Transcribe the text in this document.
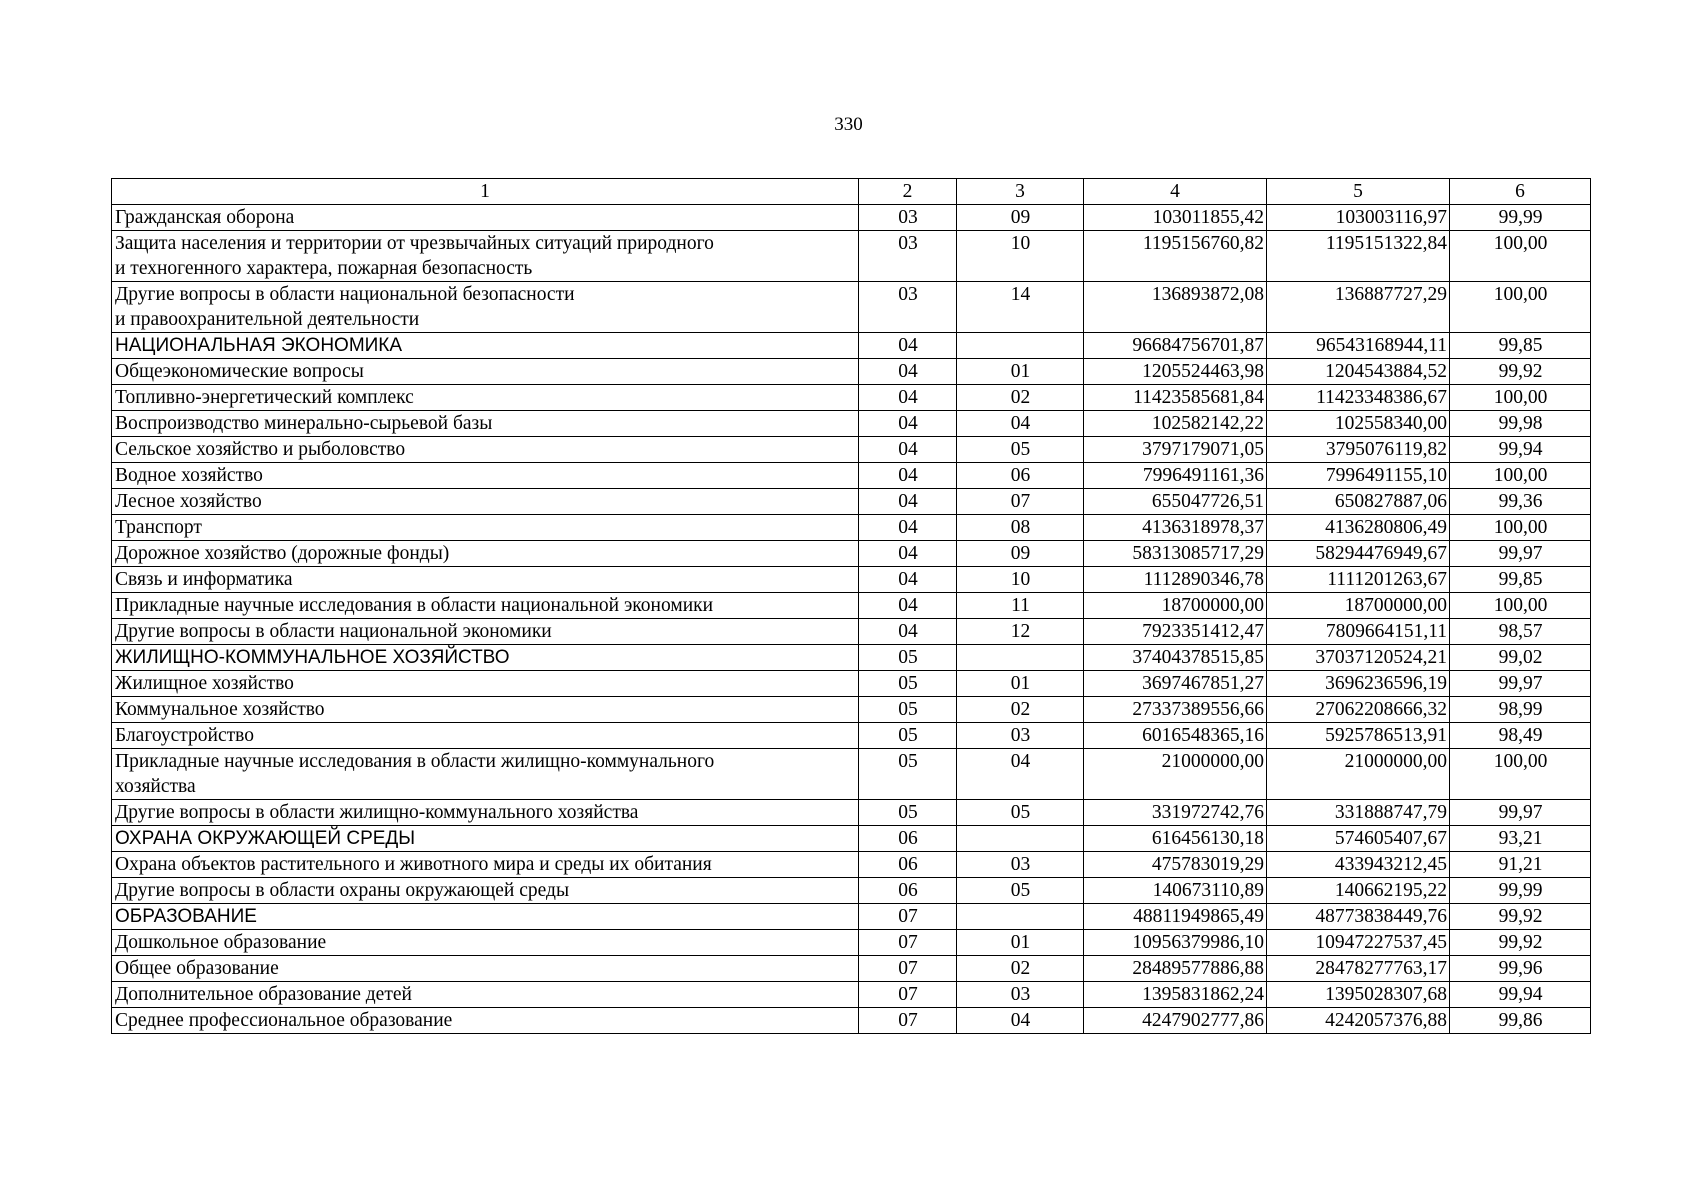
330
1	2	3	4	5	6
Гражданская оборона	03	09	103011855,42	103003116,97	99,99
Защита населения и территории от чрезвычайных ситуаций природного
и техногенного характера, пожарная безопасность	03	10	1195156760,82	1195151322,84	100,00
Другие вопросы в области национальной безопасности
и правоохранительной деятельности	03	14	136893872,08	136887727,29	100,00
НАЦИОНАЛЬНАЯ ЭКОНОМИКА	04		96684756701,87	96543168944,11	99,85
Общеэкономические вопросы	04	01	1205524463,98	1204543884,52	99,92
Топливно-энергетический комплекс	04	02	11423585681,84	11423348386,67	100,00
Воспроизводство минерально-сырьевой базы	04	04	102582142,22	102558340,00	99,98
Сельское хозяйство и рыболовство	04	05	3797179071,05	3795076119,82	99,94
Водное хозяйство	04	06	7996491161,36	7996491155,10	100,00
Лесное хозяйство	04	07	655047726,51	650827887,06	99,36
Транспорт	04	08	4136318978,37	4136280806,49	100,00
Дорожное хозяйство (дорожные фонды)	04	09	58313085717,29	58294476949,67	99,97
Связь и информатика	04	10	1112890346,78	1111201263,67	99,85
Прикладные научные исследования в области национальной экономики	04	11	18700000,00	18700000,00	100,00
Другие вопросы в области национальной экономики	04	12	7923351412,47	7809664151,11	98,57
ЖИЛИЩНО-КОММУНАЛЬНОЕ ХОЗЯЙСТВО	05		37404378515,85	37037120524,21	99,02
Жилищное хозяйство	05	01	3697467851,27	3696236596,19	99,97
Коммунальное хозяйство	05	02	27337389556,66	27062208666,32	98,99
Благоустройство	05	03	6016548365,16	5925786513,91	98,49
Прикладные научные исследования в области жилищно-коммунального
хозяйства	05	04	21000000,00	21000000,00	100,00
Другие вопросы в области жилищно-коммунального хозяйства	05	05	331972742,76	331888747,79	99,97
ОХРАНА ОКРУЖАЮЩЕЙ СРЕДЫ	06		616456130,18	574605407,67	93,21
Охрана объектов растительного и животного мира и среды их обитания	06	03	475783019,29	433943212,45	91,21
Другие вопросы в области охраны окружающей среды	06	05	140673110,89	140662195,22	99,99
ОБРАЗОВАНИЕ	07		48811949865,49	48773838449,76	99,92
Дошкольное образование	07	01	10956379986,10	10947227537,45	99,92
Общее образование	07	02	28489577886,88	28478277763,17	99,96
Дополнительное образование детей	07	03	1395831862,24	1395028307,68	99,94
Среднее профессиональное образование	07	04	4247902777,86	4242057376,88	99,86
